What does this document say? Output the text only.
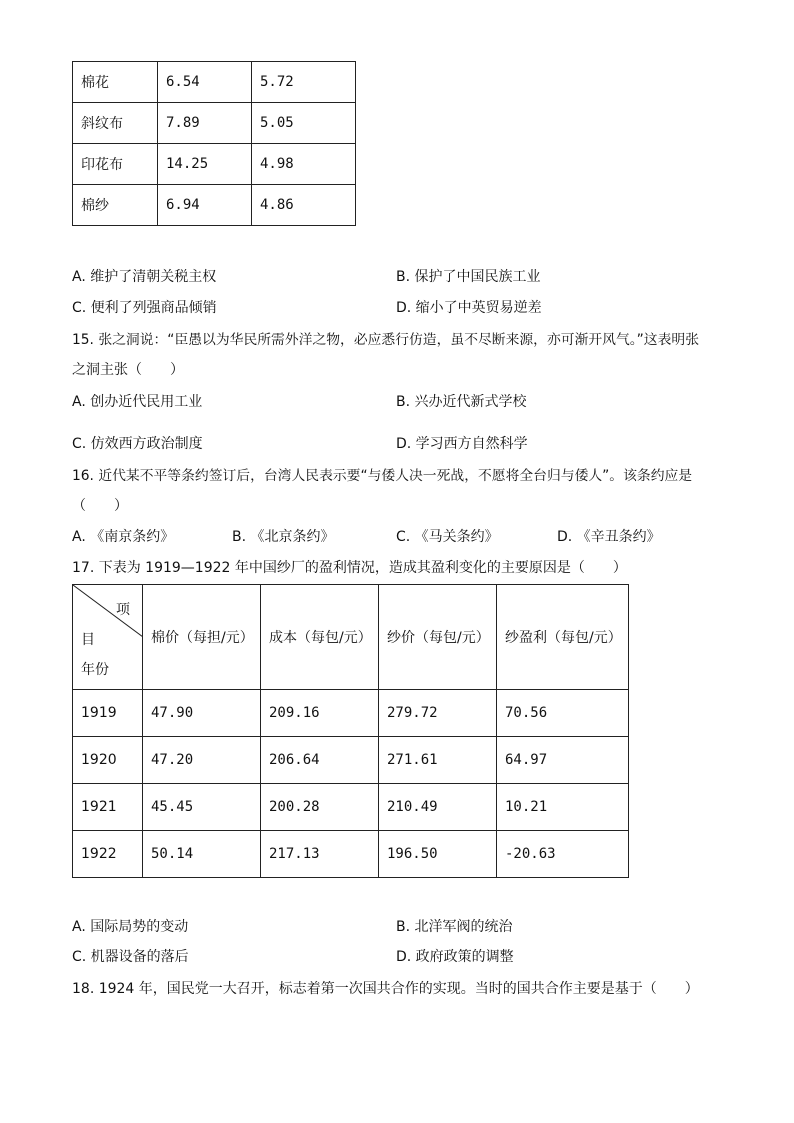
棉花	6.54	5.72
斜纹布	7.89	5.05
印花布	14.25	4.98
棉纱	6.94	4.86
A. 维护了清朝关税主权	B. 保护了中国民族工业
C. 便利了列强商品倾销	D. 缩小了中英贸易逆差
15. 张之洞说：“臣愚以为华民所需外洋之物，必应悉行仿造，虽不尽断来源，亦可渐开风气。”这表明张
之洞主张（　　）
A. 创办近代民用工业	B. 兴办近代新式学校
C. 仿效西方政治制度	D. 学习西方自然科学
16. 近代某不平等条约签订后，台湾人民表示要“与倭人决一死战，不愿将全台归与倭人”。该条约应是
（　　）
A. 《南京条约》	B. 《北京条约》	C. 《马关条约》	D. 《辛丑条约》
17. 下表为 1919—1922 年中国纱厂的盈利情况，造成其盈利变化的主要原因是（　　）
项
目
年份	棉价（每担/元）	成本（每包/元）	纱价（每包/元）	纱盈利（每包/元）
1919	47.90	209.16	279.72	70.56
1920	47.20	206.64	271.61	64.97
1921	45.45	200.28	210.49	10.21
1922	50.14	217.13	196.50	-20.63
A. 国际局势的变动	B. 北洋军阀的统治
C. 机器设备的落后	D. 政府政策的调整
18. 1924 年，国民党一大召开，标志着第一次国共合作的实现。当时的国共合作主要是基于（　　）
